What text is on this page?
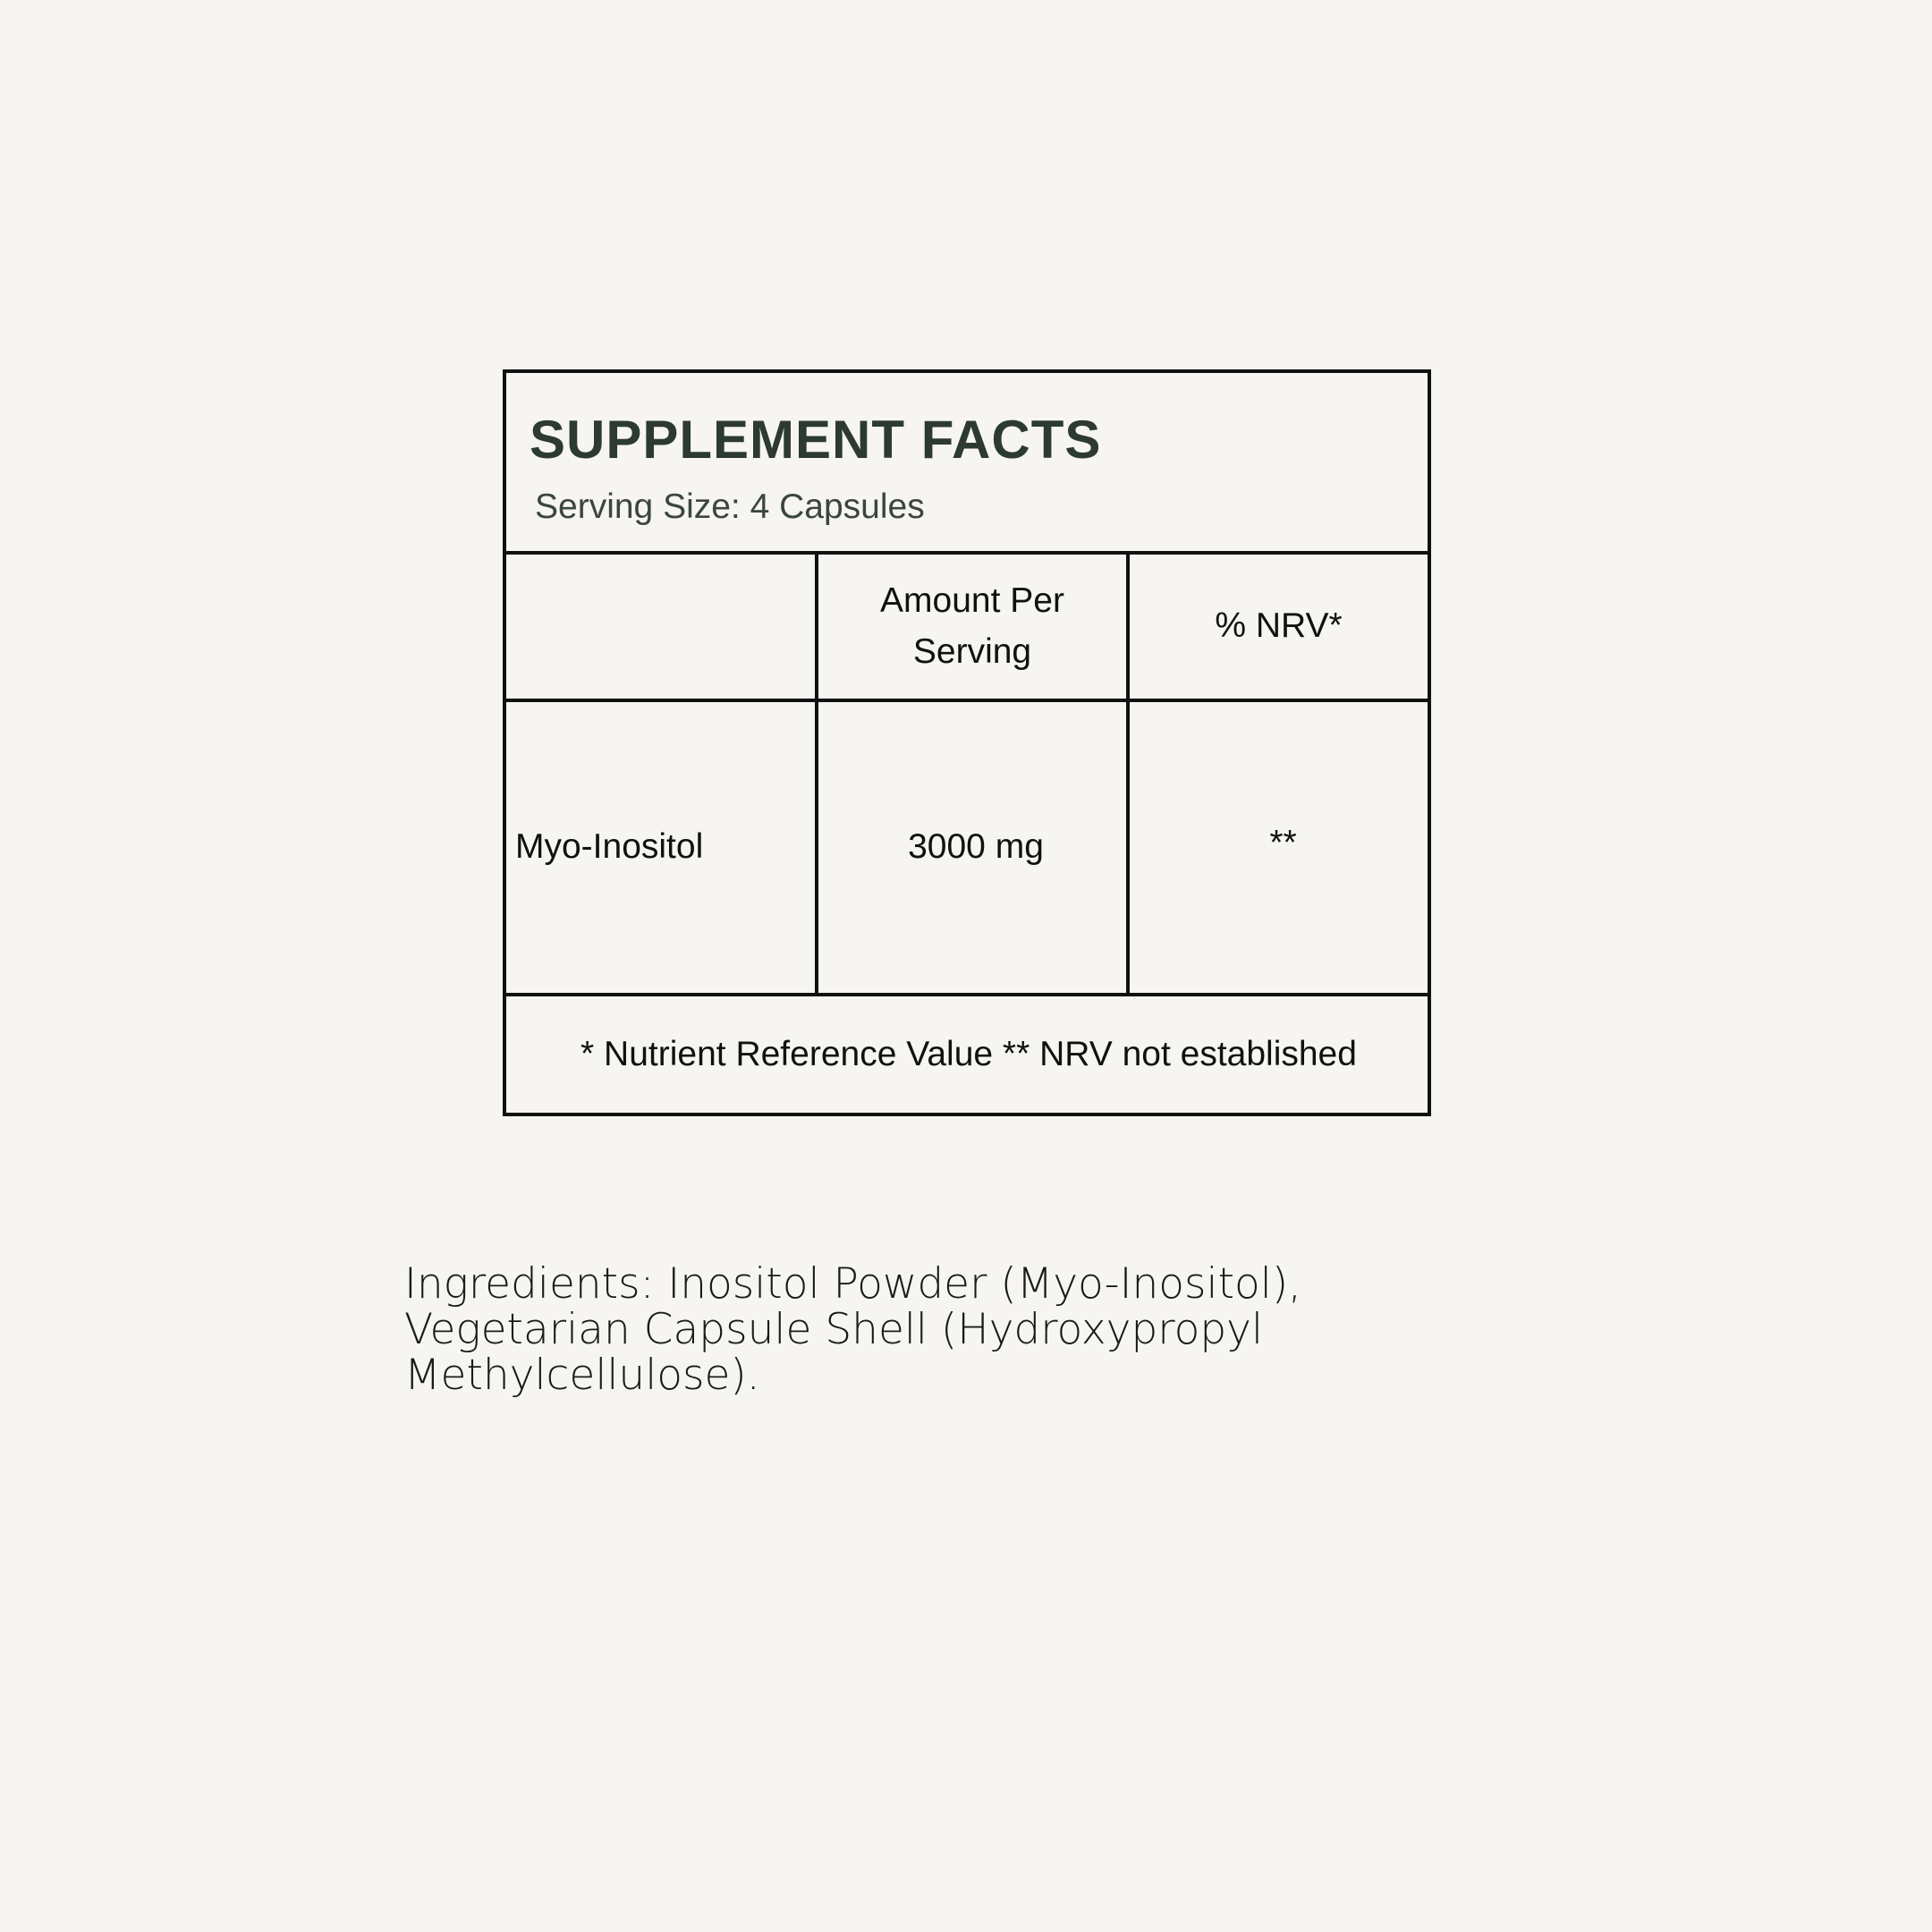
SUPPLEMENT FACTS
Serving Size: 4 Capsules
Amount Per Serving
% NRV*
Myo-Inositol	3000 mg	**
* Nutrient Reference Value ** NRV not established
Ingredients: Inositol Powder (Myo-Inositol), Vegetarian Capsule Shell (Hydroxypropyl Methylcellulose).
